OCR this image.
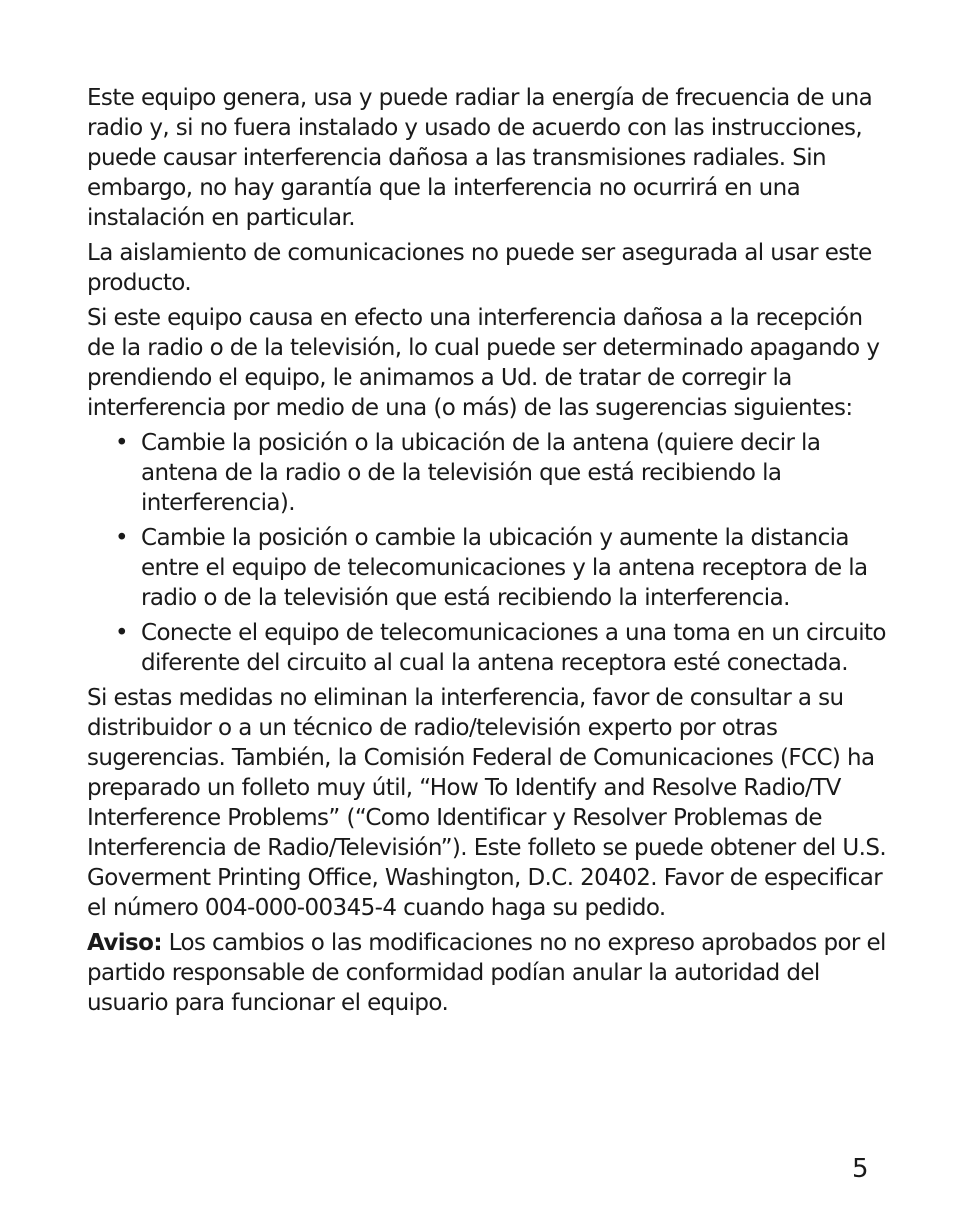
Este equipo genera, usa y puede radiar la energía de frecuencia de una radio y, si no fuera instalado y usado de acuerdo con las instrucciones, puede causar interferencia dañosa a las transmisiones radiales. Sin embargo, no hay garantía que la interferencia no ocurrirá en una instalación en particular.

La aislamiento de comunicaciones no puede ser asegurada al usar este producto.

Si este equipo causa en efecto una interferencia dañosa a la recepción de la radio o de la televisión, lo cual puede ser determinado apagando y prendiendo el equipo, le animamos a Ud. de tratar de corregir la interferencia por medio de una (o más) de las sugerencias siguientes:

• Cambie la posición o la ubicación de la antena (quiere decir la antena de la radio o de la televisión que está recibiendo la interferencia).
• Cambie la posición o cambie la ubicación y aumente la distancia entre el equipo de telecomunicaciones y la antena receptora de la radio o de la televisión que está recibiendo la interferencia.
• Conecte el equipo de telecomunicaciones a una toma en un circuito diferente del circuito al cual la antena receptora esté conectada.

Si estas medidas no eliminan la interferencia, favor de consultar a su distribuidor o a un técnico de radio/televisión experto por otras sugerencias. También, la Comisión Federal de Comunicaciones (FCC) ha preparado un folleto muy útil, “How To Identify and Resolve Radio/TV Interference Problems” (“Como Identificar y Resolver Problemas de Interferencia de Radio/Televisión”). Este folleto se puede obtener del U.S. Goverment Printing Office, Washington, D.C. 20402. Favor de especificar el número 004-000-00345-4 cuando haga su pedido.

Aviso: Los cambios o las modificaciones no no expreso aprobados por el partido responsable de conformidad podían anular la autoridad del usuario para funcionar el equipo.

5
